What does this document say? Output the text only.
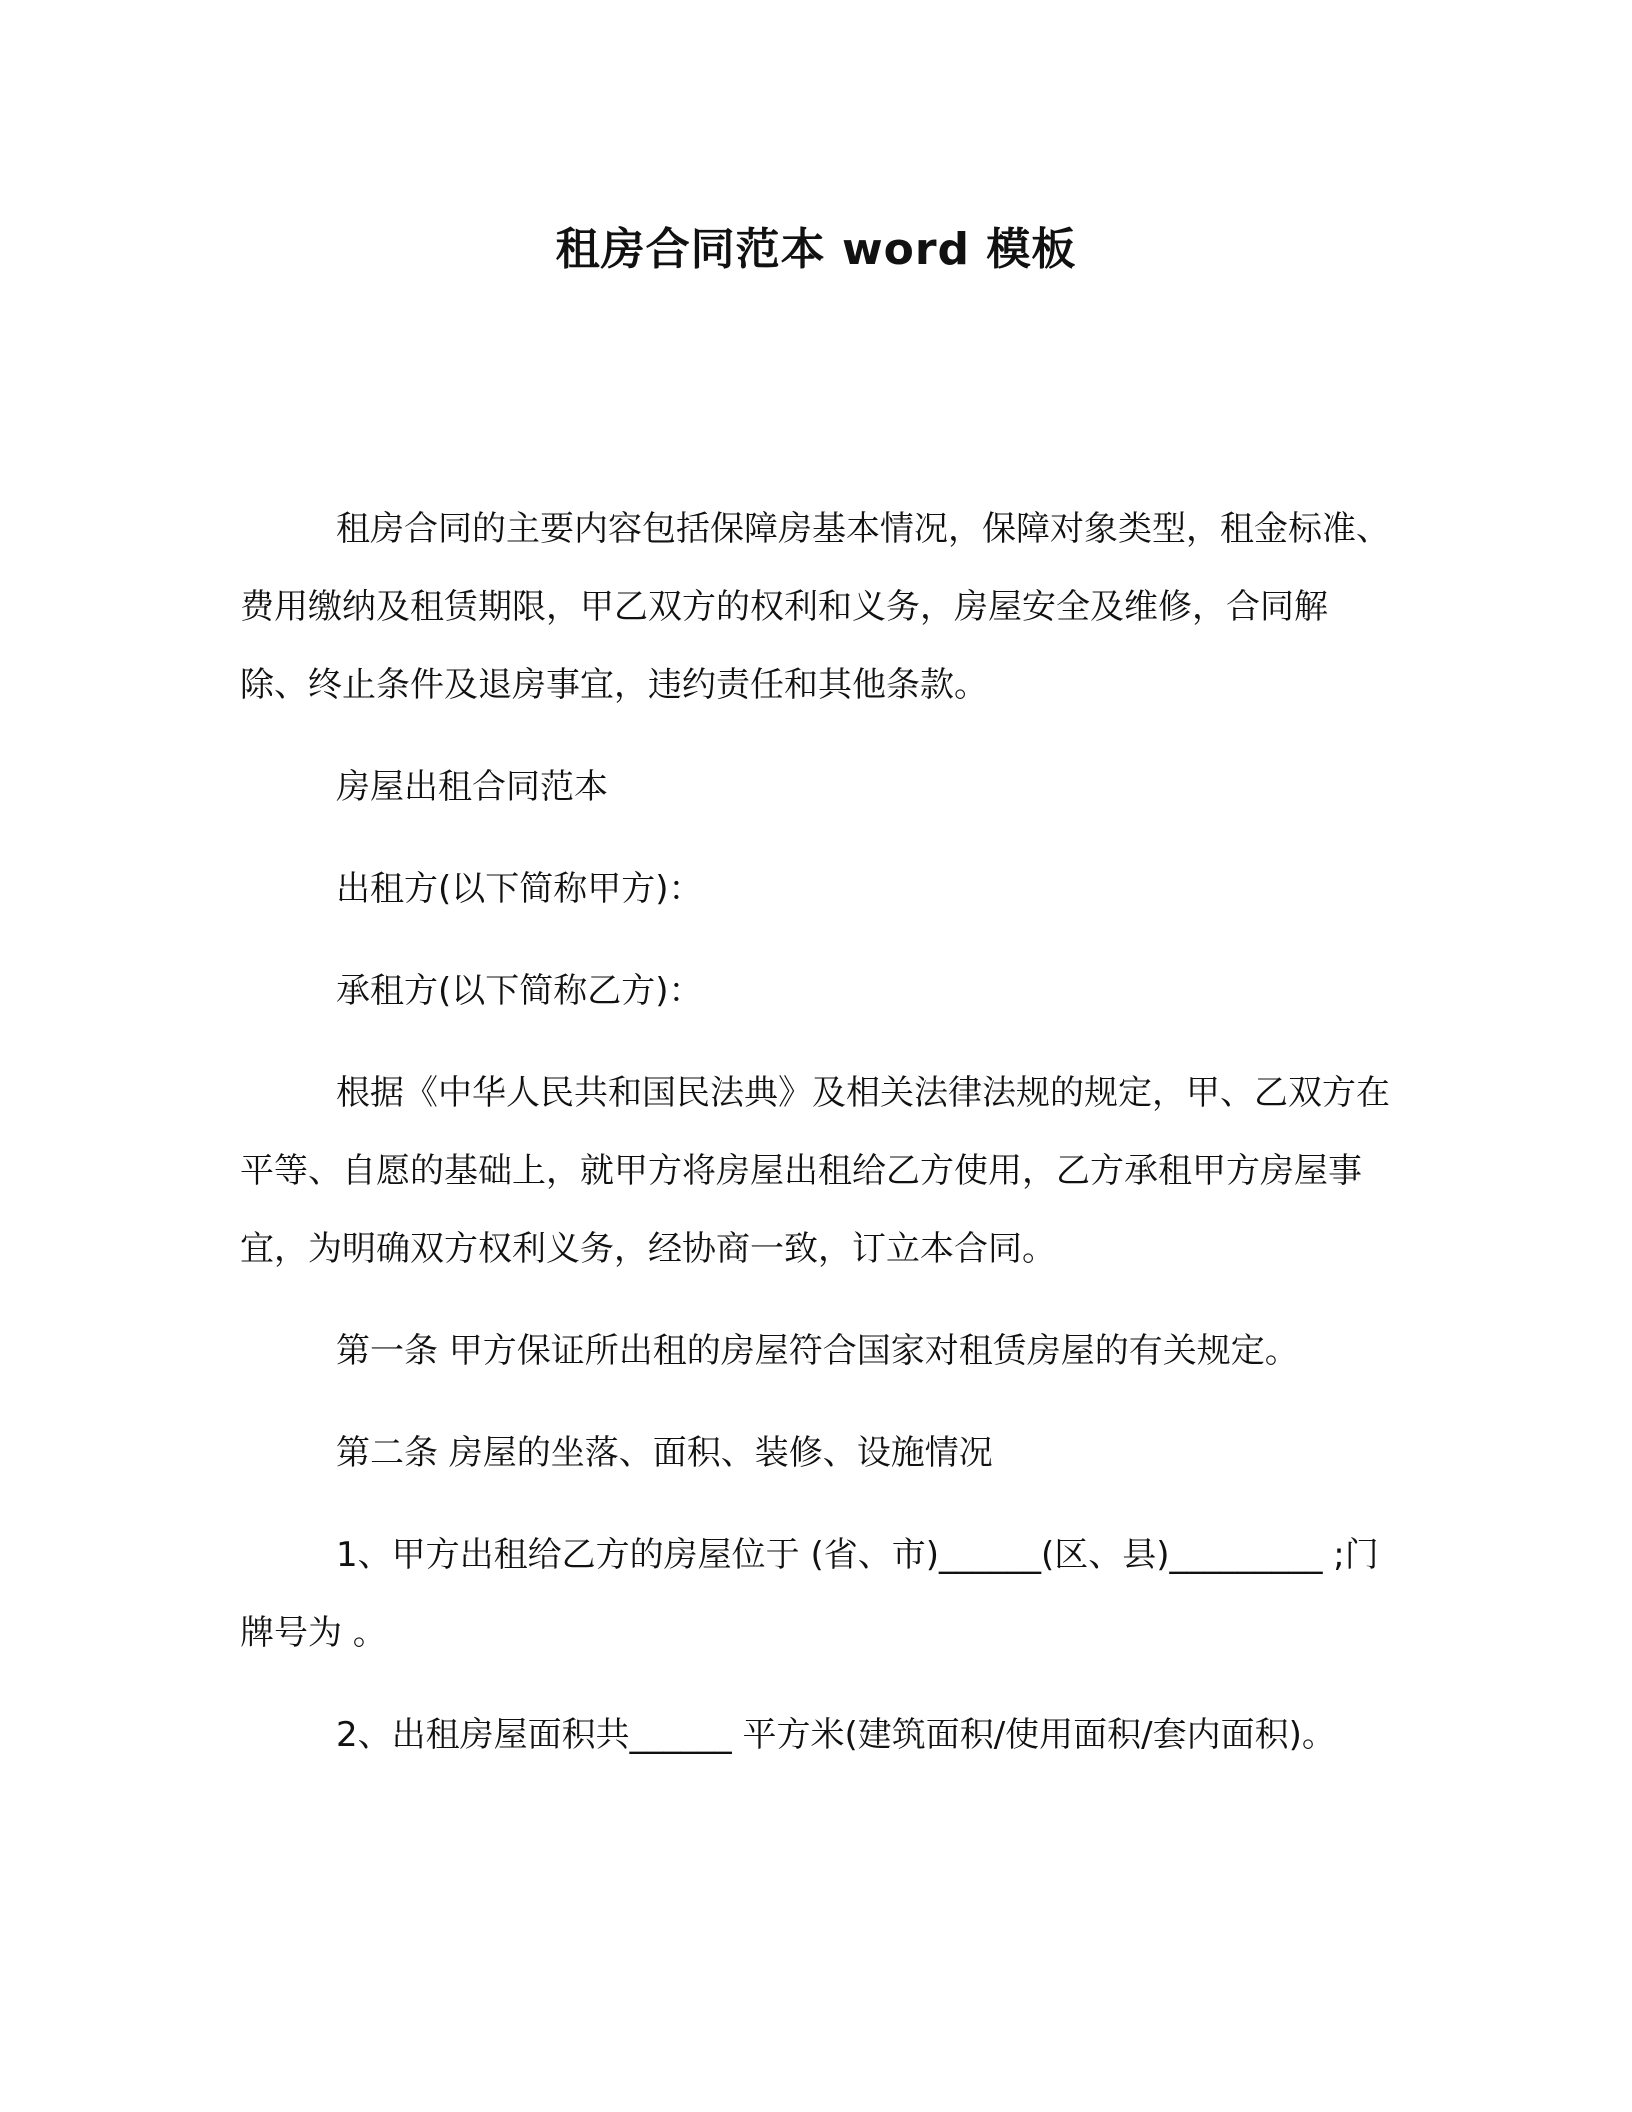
租房合同范本 word 模板

租房合同的主要内容包括保障房基本情况，保障对象类型，租金标准、费用缴纳及租赁期限，甲乙双方的权利和义务，房屋安全及维修，合同解除、终止条件及退房事宜，违约责任和其他条款。

房屋出租合同范本

出租方(以下简称甲方)：

承租方(以下简称乙方)：

根据《中华人民共和国民法典》及相关法律法规的规定，甲、乙双方在平等、自愿的基础上，就甲方将房屋出租给乙方使用，乙方承租甲方房屋事宜，为明确双方权利义务，经协商一致，订立本合同。

第一条 甲方保证所出租的房屋符合国家对租赁房屋的有关规定。

第二条 房屋的坐落、面积、装修、设施情况

1、甲方出租给乙方的房屋位于 (省、市)______(区、县)_________ ;门牌号为 。

2、出租房屋面积共______ 平方米(建筑面积/使用面积/套内面积)。
